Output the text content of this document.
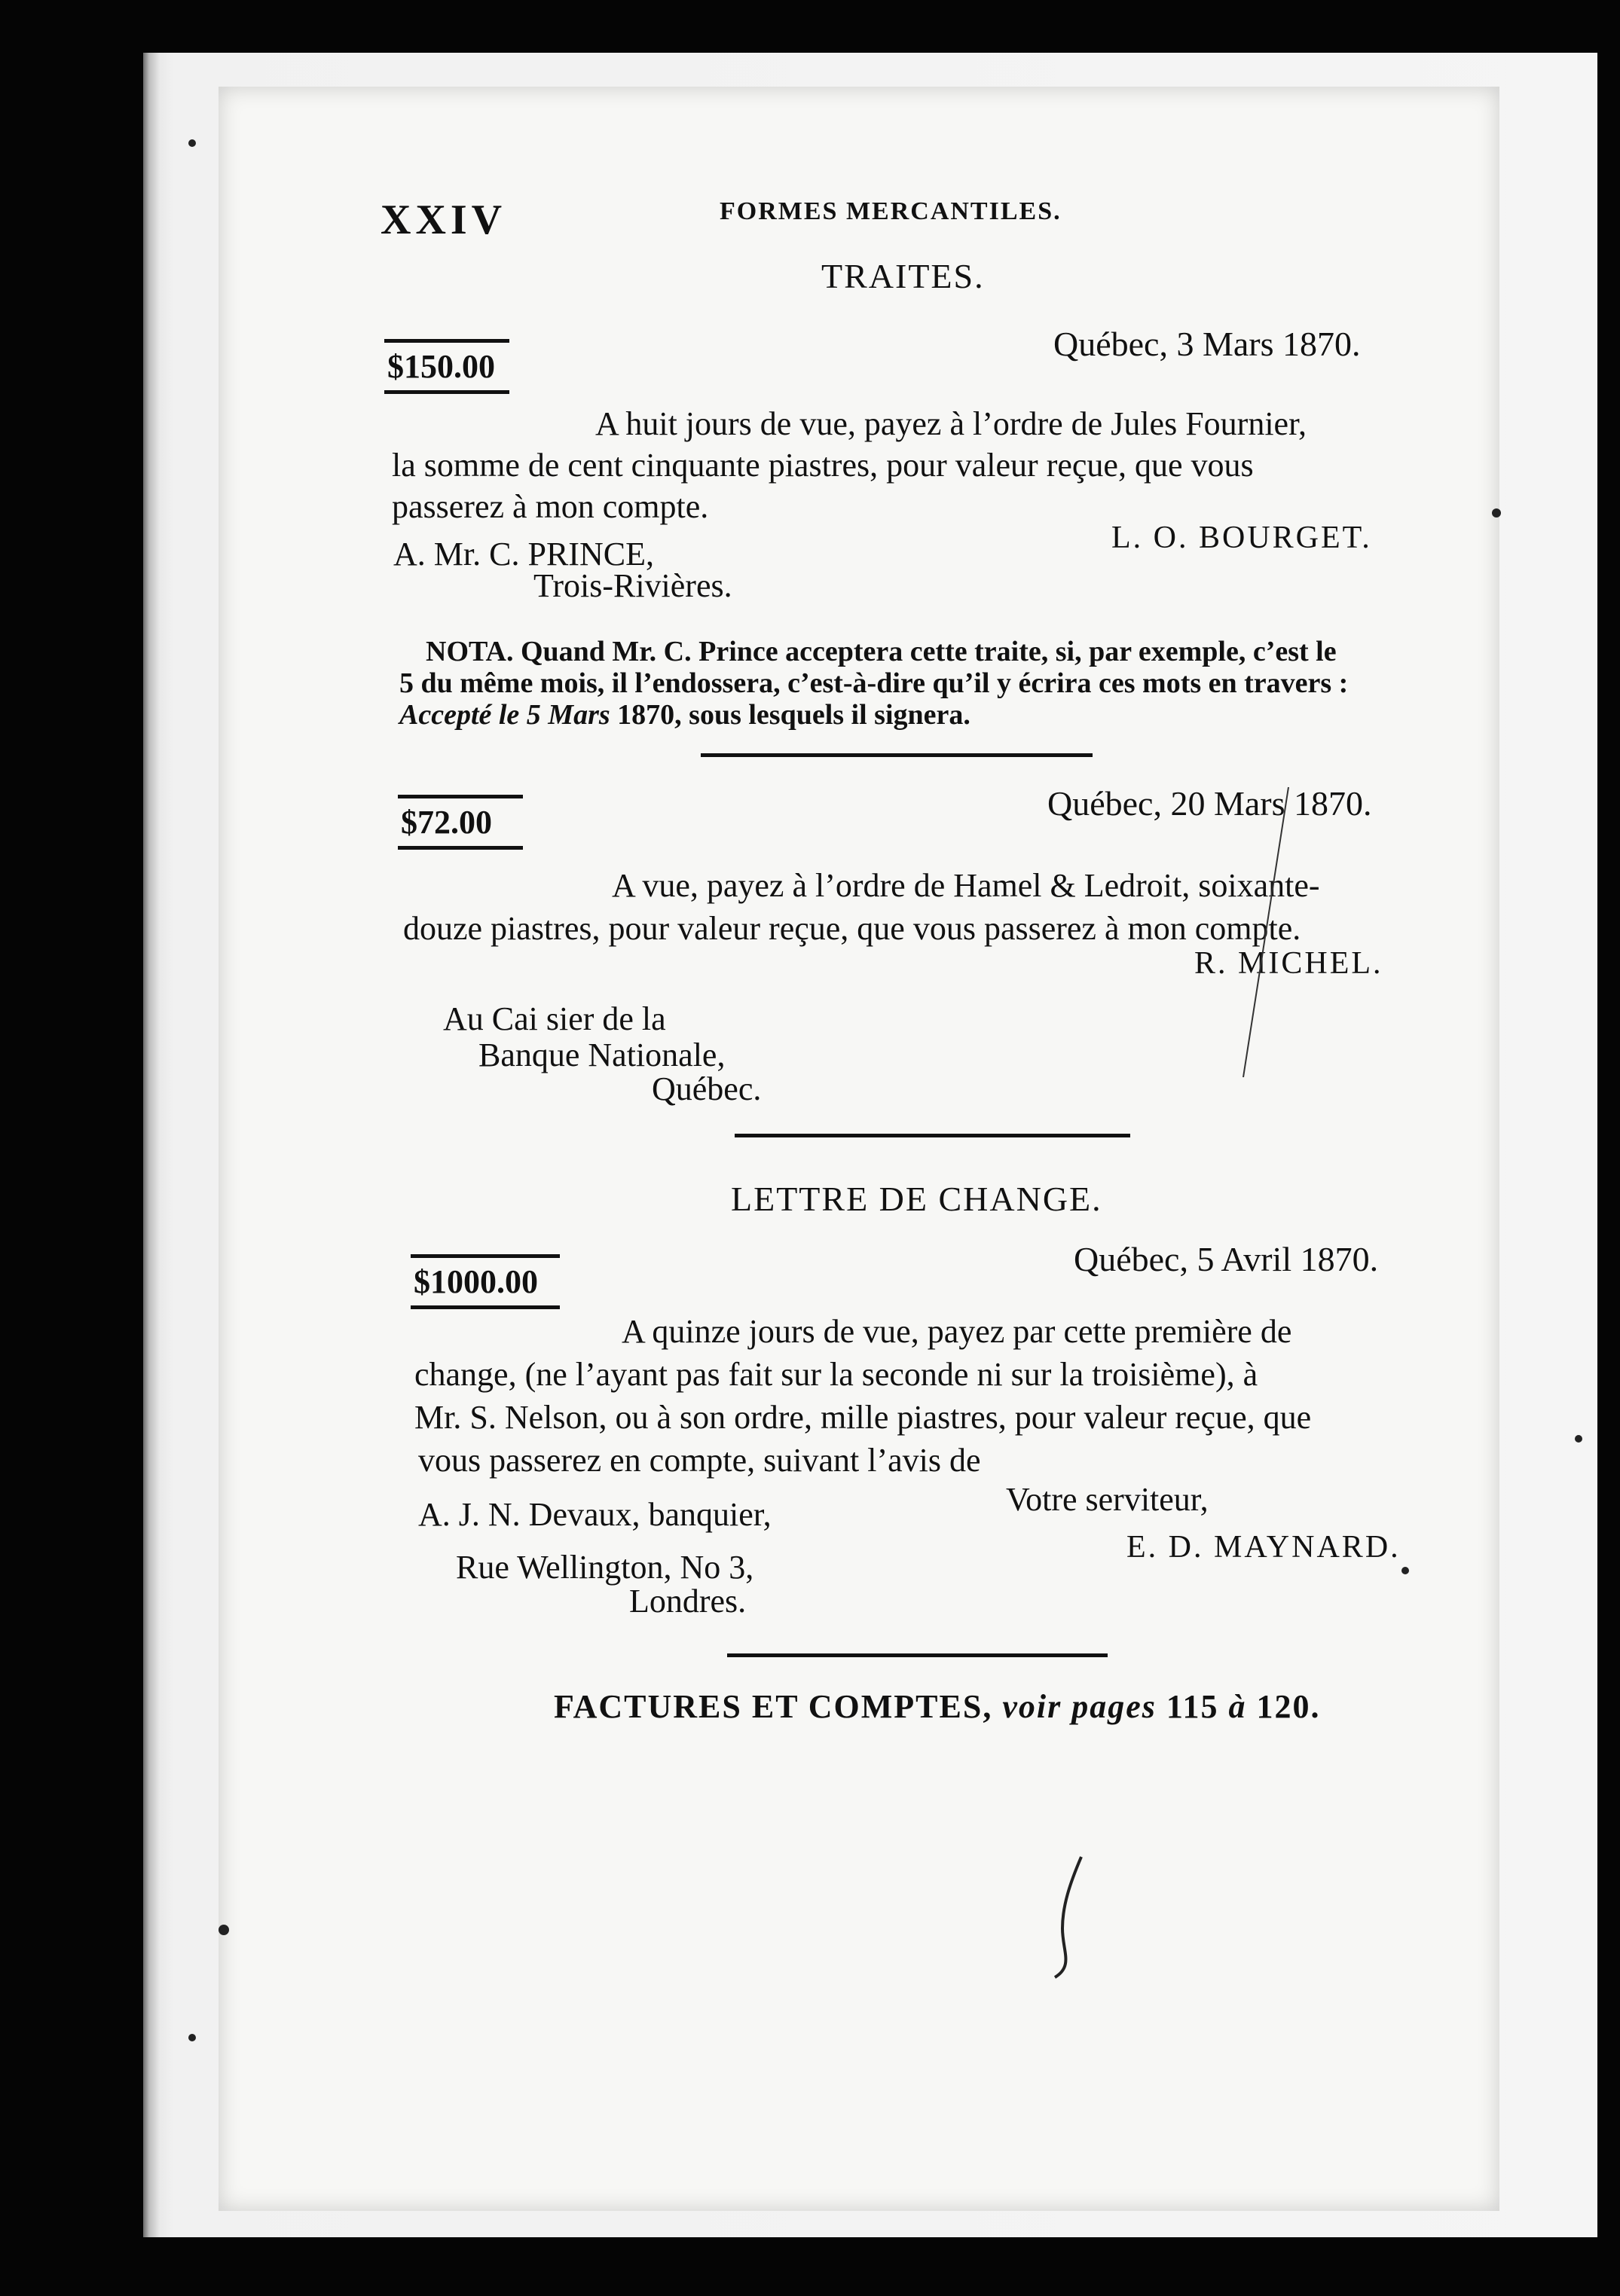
XXIV	FORMES MERCANTILES.
TRAITES.
$150.00
Québec, 3 Mars 1870.
A huit jours de vue, payez à l’ordre de Jules Fournier,
la somme de cent cinquante piastres, pour valeur reçue, que vous
passerez à mon compte.
L. O. BOURGET.
A. Mr. C. PRINCE,
Trois-Rivières.
NOTA. Quand Mr. C. Prince acceptera cette traite, si, par exemple, c’est le
5 du même mois, il l’endossera, c’est-à-dire qu’il y écrira ces mots en travers :
Accepté le 5 Mars 1870, sous lesquels il signera.
$72.00	Québec, 20 Mars 1870.
A vue, payez à l’ordre de Hamel & Ledroit, soixante-
douze piastres, pour valeur reçue, que vous passerez à mon compte.
R. MICHEL.
Au Cai sier de la
Banque Nationale,
Québec.
LETTRE DE CHANGE.
$1000.00
Québec, 5 Avril 1870.
A quinze jours de vue, payez par cette première de
change, (ne l’ayant pas fait sur la seconde ni sur la troisième), à
Mr. S. Nelson, ou à son ordre, mille piastres, pour valeur reçue, que
vous passerez en compte, suivant l’avis de
A. J. N. Devaux, banquier,	Votre serviteur,
E. D. MAYNARD.
Rue Wellington, No 3,
Londres.
FACTURES ET COMPTES, voir pages 115 à 120.
